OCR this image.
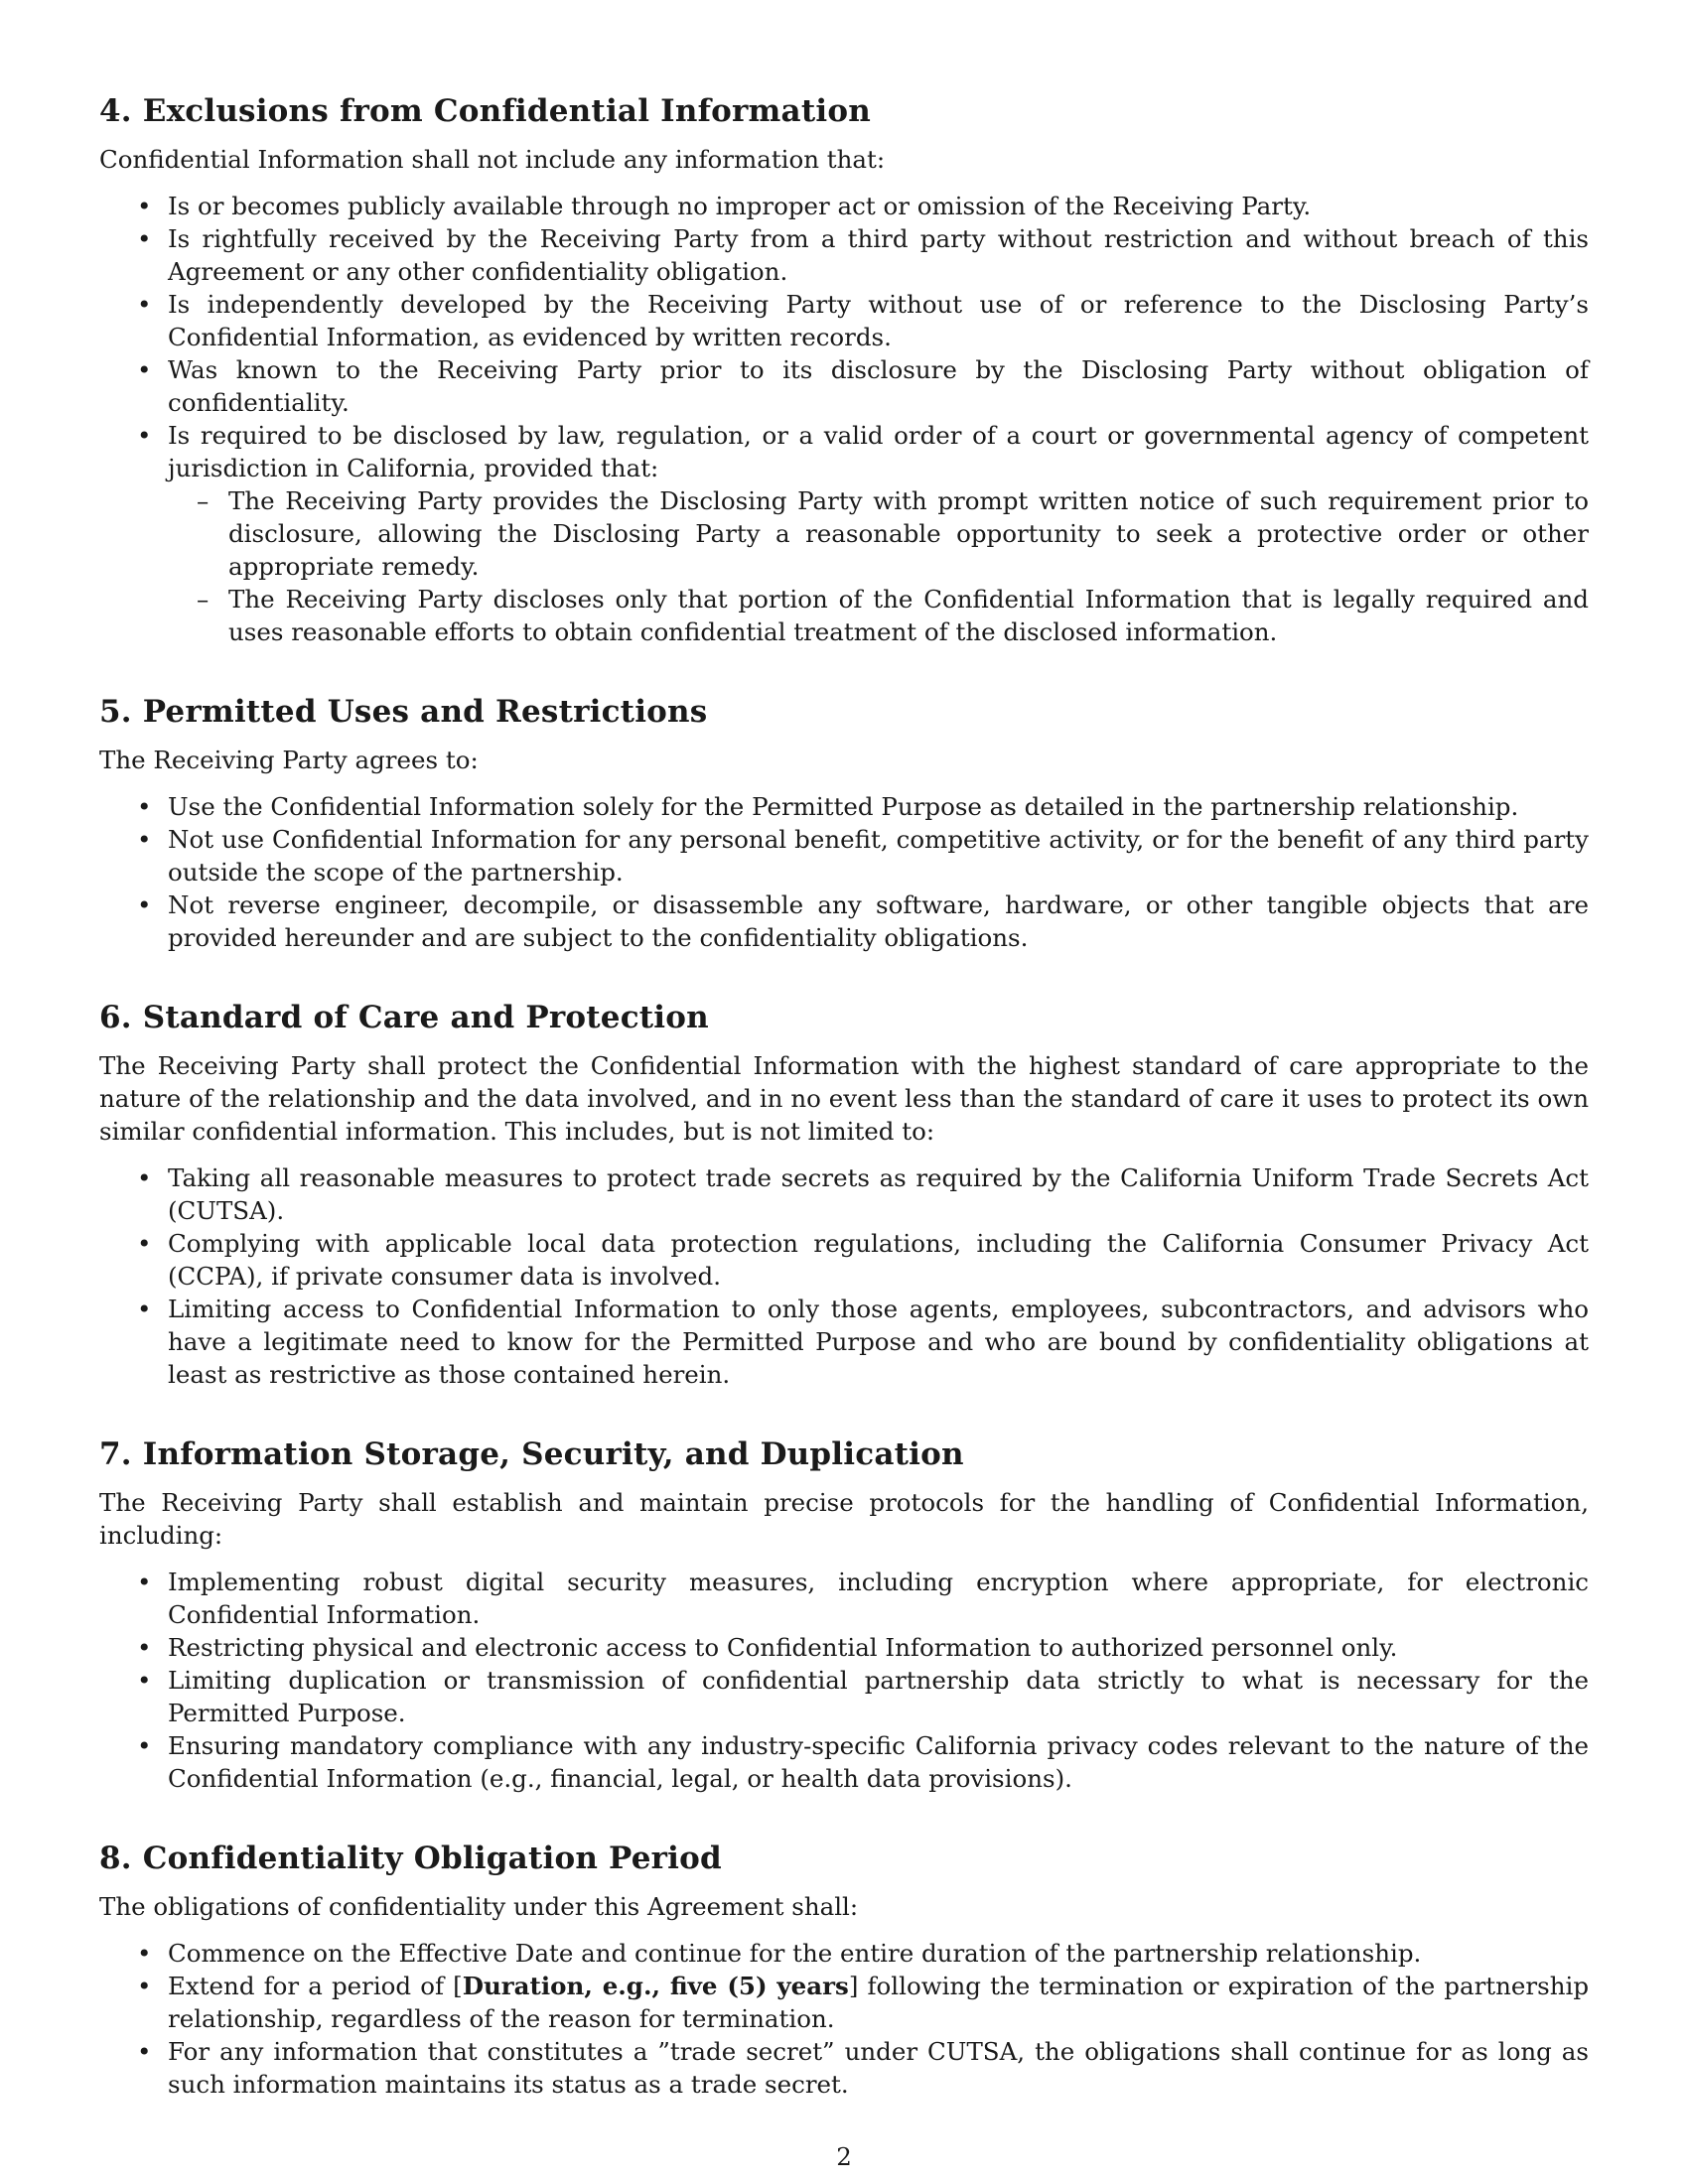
4. Exclusions from Confidential Information

Confidential Information shall not include any information that:

• Is or becomes publicly available through no improper act or omission of the Receiving Party.
• Is rightfully received by the Receiving Party from a third party without restriction and without breach of this Agreement or any other confidentiality obligation.
• Is independently developed by the Receiving Party without use of or reference to the Disclosing Party’s Confidential Information, as evidenced by written records.
• Was known to the Receiving Party prior to its disclosure by the Disclosing Party without obligation of confidentiality.
• Is required to be disclosed by law, regulation, or a valid order of a court or governmental agency of competent jurisdiction in California, provided that:
– The Receiving Party provides the Disclosing Party with prompt written notice of such requirement prior to disclosure, allowing the Disclosing Party a reasonable opportunity to seek a protective order or other appropriate remedy.
– The Receiving Party discloses only that portion of the Confidential Information that is legally required and uses reasonable efforts to obtain confidential treatment of the disclosed information.
5. Permitted Uses and Restrictions

The Receiving Party agrees to:

• Use the Confidential Information solely for the Permitted Purpose as detailed in the partnership relationship.
• Not use Confidential Information for any personal benefit, competitive activity, or for the benefit of any third party outside the scope of the partnership.
• Not reverse engineer, decompile, or disassemble any software, hardware, or other tangible objects that are provided hereunder and are subject to the confidentiality obligations.
6. Standard of Care and Protection

The Receiving Party shall protect the Confidential Information with the highest standard of care appropriate to the nature of the relationship and the data involved, and in no event less than the standard of care it uses to protect its own similar confidential information. This includes, but is not limited to:

• Taking all reasonable measures to protect trade secrets as required by the California Uniform Trade Secrets Act (CUTSA).
• Complying with applicable local data protection regulations, including the California Consumer Privacy Act (CCPA), if private consumer data is involved.
• Limiting access to Confidential Information to only those agents, employees, subcontractors, and advisors who have a legitimate need to know for the Permitted Purpose and who are bound by confidentiality obligations at least as restrictive as those contained herein.
7. Information Storage, Security, and Duplication

The Receiving Party shall establish and maintain precise protocols for the handling of Confidential Information, including:

• Implementing robust digital security measures, including encryption where appropriate, for electronic Confidential Information.
• Restricting physical and electronic access to Confidential Information to authorized personnel only.
• Limiting duplication or transmission of confidential partnership data strictly to what is necessary for the Permitted Purpose.
• Ensuring mandatory compliance with any industry-specific California privacy codes relevant to the nature of the Confidential Information (e.g., financial, legal, or health data provisions).
8. Confidentiality Obligation Period

The obligations of confidentiality under this Agreement shall:

• Commence on the Effective Date and continue for the entire duration of the partnership relationship.
• Extend for a period of [Duration, e.g., five (5) years] following the termination or expiration of the partnership relationship, regardless of the reason for termination.
• For any information that constitutes a ”trade secret” under CUTSA, the obligations shall continue for as long as such information maintains its status as a trade secret.
2
